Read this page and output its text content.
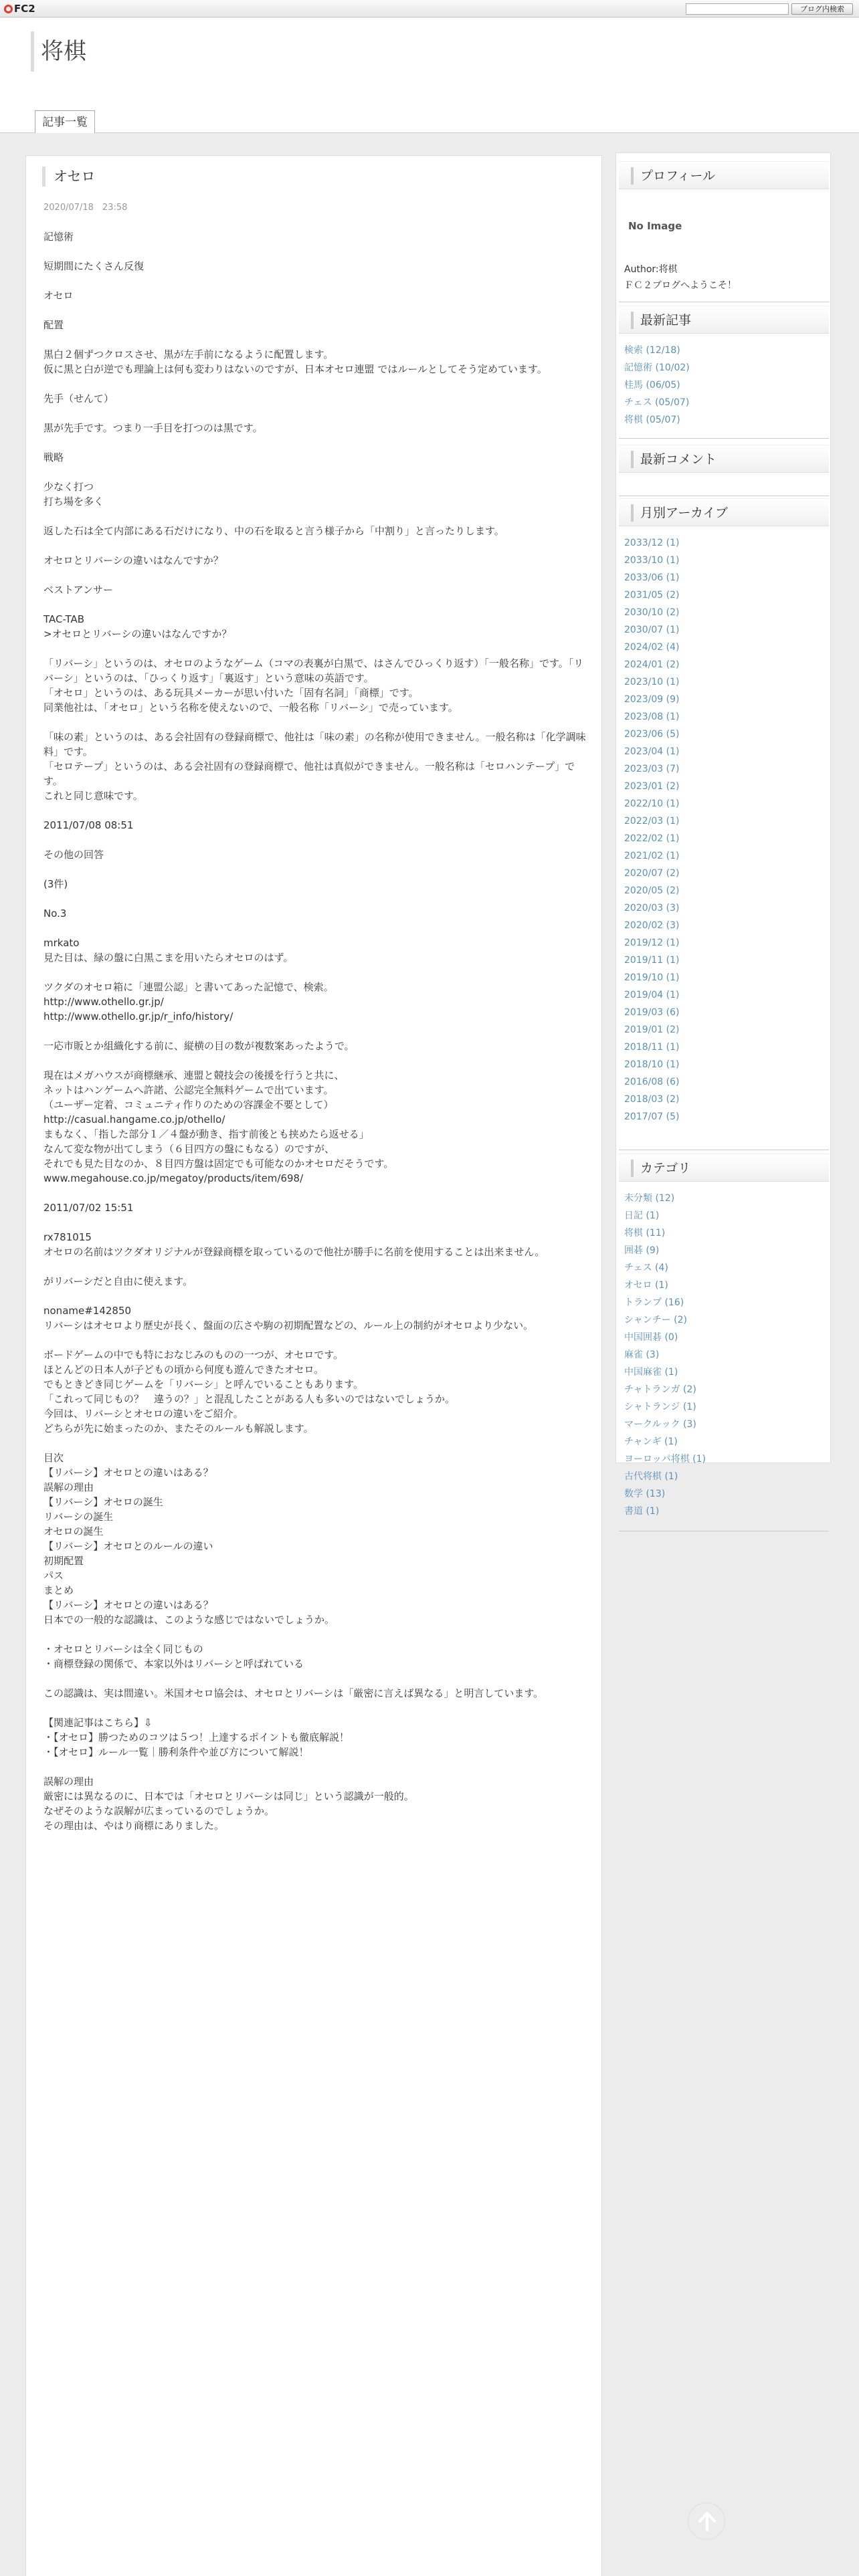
FC2	ブログ内検索
将棋
記事一覧
オセロ
2020/07/18　23:58
記憶術
短期間にたくさん反復
オセロ
配置
黒白２個ずつクロスさせ、黒が左手前になるように配置します。
仮に黒と白が逆でも理論上は何も変わりはないのですが、日本オセロ連盟 ではルールとしてそう定めています。
先手（せんて）
黒が先手です。つまり一手目を打つのは黒です。
戦略
少なく打つ
打ち場を多く
返した石は全て内部にある石だけになり、中の石を取ると言う様子から「中割り」と言ったりします。
オセロとリバーシの違いはなんですか？
ベストアンサー
TAC-TAB
>オセロとリバーシの違いはなんですか？
「リバーシ」というのは、オセロのようなゲーム（コマの表裏が白黒で、はさんでひっくり返す）「一般名称」です。「リバーシ」というのは、「ひっくり返す」「裏返す」という意味の英語です。
「オセロ」というのは、ある玩具メーカーが思い付いた「固有名詞」「商標」です。
同業他社は、「オセロ」という名称を使えないので、一般名称「リバーシ」で売っています。
「味の素」というのは、ある会社固有の登録商標で、他社は「味の素」の名称が使用できません。一般名称は「化学調味料」です。
「セロテープ」というのは、ある会社固有の登録商標で、他社は真似ができません。一般名称は「セロハンテープ」です。
これと同じ意味です。
2011/07/08 08:51
その他の回答
(3件)
No.3
mrkato
見た目は、緑の盤に白黒こまを用いたらオセロのはず。
ツクダのオセロ箱に「連盟公認」と書いてあった記憶で、検索。
http://www.othello.gr.jp/
http://www.othello.gr.jp/r_info/history/
一応市販とか組織化する前に、縦横の目の数が複数案あったようで。
現在はメガハウスが商標継承、連盟と競技会の後援を行うと共に、
ネットはハンゲームへ許諾、公認完全無料ゲームで出ています。
（ユーザー定着、コミュニティ作りのための容課金不要として）
http://casual.hangame.co.jp/othello/
まもなく、「指した部分１／４盤が動き、指す前後とも挟めたら返せる」
なんて変な物が出てしまう（６目四方の盤にもなる）のですが、
それでも見た目なのか、８目四方盤は固定でも可能なのかオセロだそうです。
www.megahouse.co.jp/megatoy/products/item/698/
2011/07/02 15:51
rx781015
オセロの名前はツクダオリジナルが登録商標を取っているので他社が勝手に名前を使用することは出来ません。
がリバーシだと自由に使えます。
noname#142850
リバーシはオセロより歴史が長く、盤面の広さや駒の初期配置などの、ルール上の制約がオセロより少ない。
ボードゲームの中でも特におなじみのものの一つが、オセロです。
ほとんどの日本人が子どもの頃から何度も遊んできたオセロ。
でもときどき同じゲームを「リバーシ」と呼んでいることもあります。
「これって同じもの？　違うの？」と混乱したことがある人も多いのではないでしょうか。
今回は、リバーシとオセロの違いをご紹介。
どちらが先に始まったのか、またそのルールも解説します。
目次
【リバーシ】オセロとの違いはある？
誤解の理由
【リバーシ】オセロの誕生
リバーシの誕生
オセロの誕生
【リバーシ】オセロとのルールの違い
初期配置
パス
まとめ
【リバーシ】オセロとの違いはある？
日本での一般的な認識は、このような感じではないでしょうか。
・オセロとリバーシは全く同じもの
・商標登録の関係で、本家以外はリバーシと呼ばれている
この認識は、実は間違い。米国オセロ協会は、オセロとリバーシは「厳密に言えば異なる」と明言しています。
【関連記事はこちら】⇩
・【オセロ】勝つためのコツは５つ！上達するポイントも徹底解説！
・【オセロ】ルール一覧｜勝利条件や並び方について解説！
誤解の理由
厳密には異なるのに、日本では「オセロとリバーシは同じ」という認識が一般的。
なぜそのような誤解が広まっているのでしょうか。
その理由は、やはり商標にありました。
プロフィール
No Image
Author:将棋
ＦＣ２ブログへようこそ！
最新記事
検索 (12/18)
記憶術 (10/02)
桂馬 (06/05)
チェス (05/07)
将棋 (05/07)
最新コメント
月別アーカイブ
2033/12 (1)
2033/10 (1)
2033/06 (1)
2031/05 (2)
2030/10 (2)
2030/07 (1)
2024/02 (4)
2024/01 (2)
2023/10 (1)
2023/09 (9)
2023/08 (1)
2023/06 (5)
2023/04 (1)
2023/03 (7)
2023/01 (2)
2022/10 (1)
2022/03 (1)
2022/02 (1)
2021/02 (1)
2020/07 (2)
2020/05 (2)
2020/03 (3)
2020/02 (3)
2019/12 (1)
2019/11 (1)
2019/10 (1)
2019/04 (1)
2019/03 (6)
2019/01 (2)
2018/11 (1)
2018/10 (1)
2016/08 (6)
2018/03 (2)
2017/07 (5)
カテゴリ
未分類 (12)
日記 (1)
将棋 (11)
囲碁 (9)
チェス (4)
オセロ (1)
トランプ (16)
シャンチー (2)
中国囲碁 (0)
麻雀 (3)
中国麻雀 (1)
チャトランガ (2)
シャトランジ (1)
マークルック (3)
チャンギ (1)
ヨーロッパ将棋 (1)
古代将棋 (1)
数学 (13)
書道 (1)
